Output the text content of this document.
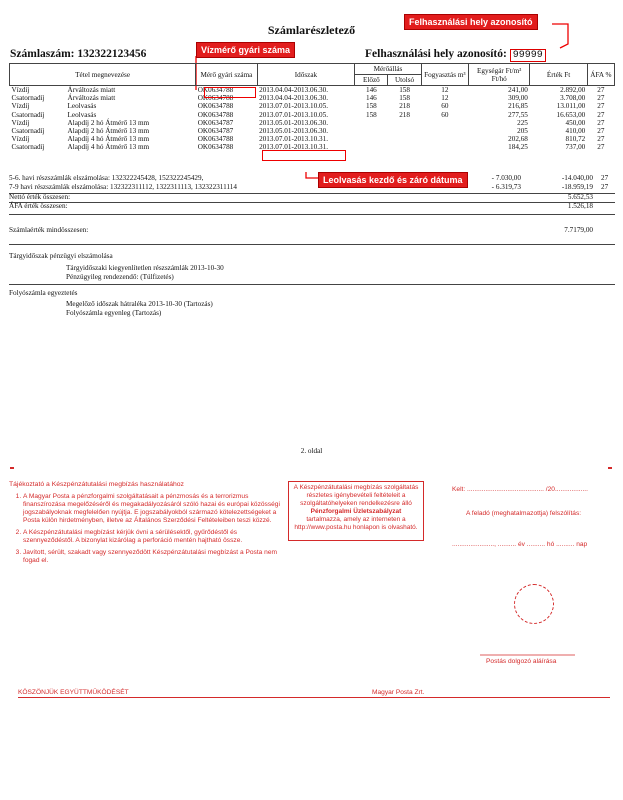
Számlarészletező
Számlaszám: 132322123456	Felhasználási hely azonosító: 99999
Felhasználási hely azonosító
Vízmérő gyári száma
Leolvasás kezdő és záró dátuma
Tétel megnevezése	Mérő gyári száma	Időszak	Mérőállás		Fogyasztás m³	Egységár Ft/m³ Ft/hó	Érték Ft	ÁFA %
			Előző	Utolsó				
Vízdíj Árváltozás miatt	OK0634788	2013.04.04-2013.06.30.	146	158	12	241,00	2.892,00	27
Csatornadíj Árváltozás miatt	OK0634788	2013.04.04-2013.06.30.	146	158	12	309,00	3.708,00	27
Vízdíj Leolvasás	OK0634788	2013.07.01-2013.10.05.	158	218	60	216,85	13.011,00	27
Csatornadíj Leolvasás	OK0634788	2013.07.01-2013.10.05.	158	218	60	277,55	16.653,00	27
Vízdíj Alapdíj 2 hó Átmérő 13 mm	OK0634787	2013.05.01-2013.06.30.				225	450,00	27
Csatornadíj Alapdíj 2 hó Átmérő 13 mm	OK0634787	2013.05.01-2013.06.30.				205	410,00	27
Vízdíj Alapdíj 4 hó Átmérő 13 mm	OK0634788	2013.07.01-2013.10.31.				202,68	810,72	27
Csatornadíj Alapdíj 4 hó Átmérő 13 mm	OK0634788	2013.07.01-2013.10.31.				184,25	737,00	27
5-6. havi részszámlák elszámolása: 132322245428, 152322245429,	- 7.030,00	-14.040,00 27
7-9 havi részszámlák elszámolása: 132322311112, 1322311113, 132322311114	- 6.319,73	-18.959,19 27
Nettó érték összesen:	5.652,53
ÁFA érték összesen:	1.526,18
Számlaérték mindösszesen:	7.7179,00
Tárgyidőszak pénzügyi elszámolása
Tárgyidőszaki kiegyenlítetlen részszámlák 2013-10-30
Pénzügyileg rendezendő: (Túlfizetés)
Folyószámla egyeztetés
Megelőző időszak hátraléka 2013-10-30 (Tartozás)
Folyószámla egyenleg (Tartozás)
2. oldal
Tájékoztató a Készpénzátutalási megbízás használatához
1. A Magyar Posta a pénzforgalmi szolgáltatásait a pénzmosás és a terrorizmus finanszírozása megelőzéséről és megakadályozásáról szóló hazai és európai közösségi jogszabályoknak megfelelően nyújtja. E jogszabályokból származó kötelezettségeket a Posta külön hirdetményben, illetve az Általános Szerződési Feltételeiben teszi közzé.
2. A Készpénzátutalási megbízást kérjük óvni a sérülésektől, gyűrődéstől és szennyeződéstől. A bizonylat kizárólag a perforáció mentén hajtható össze.
3. Javított, sérült, szakadt vagy szennyeződött Készpénzátutalási megbízást a Posta nem fogad el.
A Készpénzátutalási megbízás szolgáltatás részletes igénybevételi feltételeit a szolgáltatóhelyeken rendelkezésre álló
Pénzforgalmi Üzletszabályzat
tartalmazza, amely az interneten a http://www.posta.hu honlapon is olvasható.
Kelt: .......................................... /20..................
A feladó (meghatalmazottja) felszólítás:
......................., .......... év .......... hó .......... nap
Postás dolgozó aláírása
KÖSZÖNJÜK EGYÜTTMŰKÖDÉSÉT	Magyar Posta Zrt.
